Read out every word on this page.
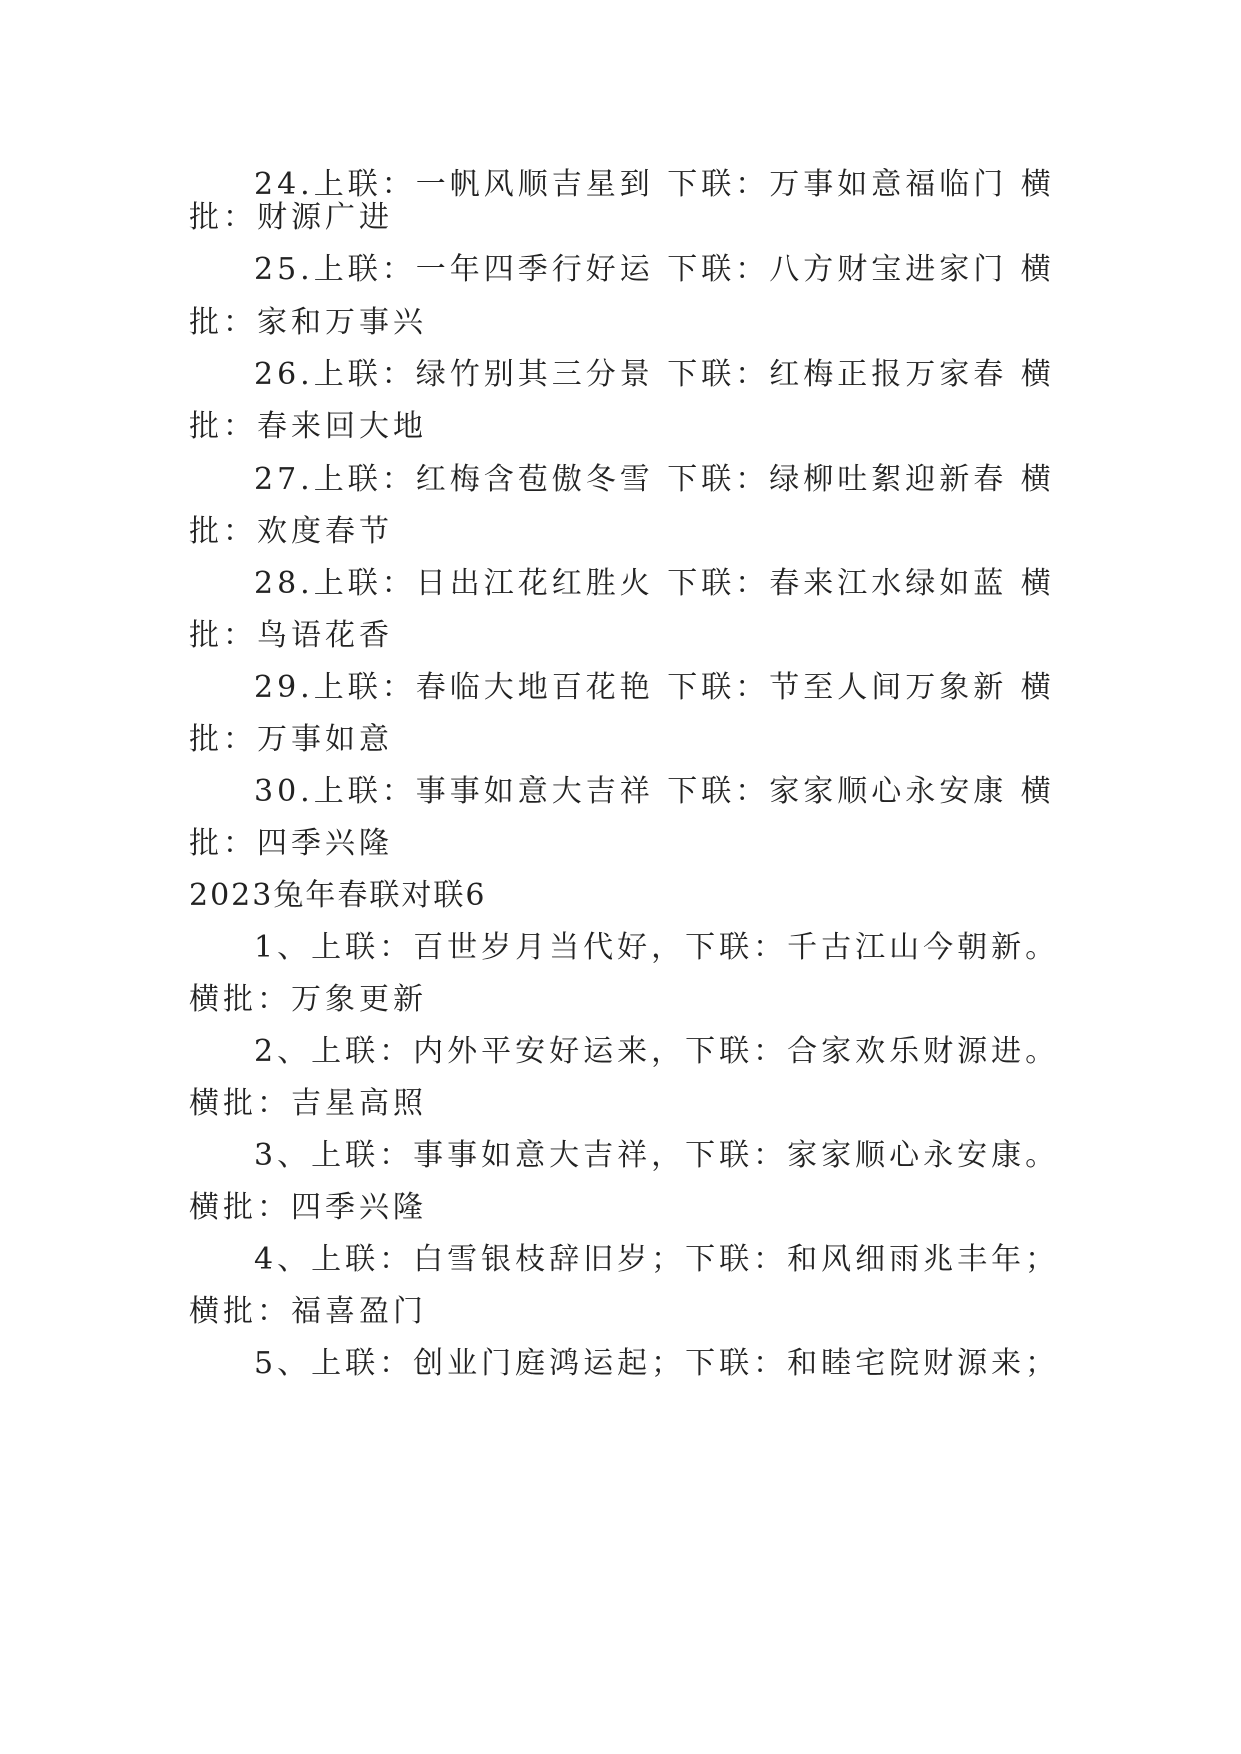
24.上联：一帆风顺吉星到 下联：万事如意福临门 横
批：财源广进
25.上联：一年四季行好运 下联：八方财宝进家门 横
批：家和万事兴
26.上联：绿竹别其三分景 下联：红梅正报万家春 横
批：春来回大地
27.上联：红梅含苞傲冬雪 下联：绿柳吐絮迎新春 横
批：欢度春节
28.上联：日出江花红胜火 下联：春来江水绿如蓝 横
批：鸟语花香
29.上联：春临大地百花艳 下联：节至人间万象新 横
批：万事如意
30.上联：事事如意大吉祥 下联：家家顺心永安康 横
批：四季兴隆
2023兔年春联对联6
1、上联：百世岁月当代好，下联：千古江山今朝新。
横批：万象更新
2、上联：内外平安好运来，下联：合家欢乐财源进。
横批：吉星高照
3、上联：事事如意大吉祥，下联：家家顺心永安康。
横批：四季兴隆
4、上联：白雪银枝辞旧岁；下联：和风细雨兆丰年；
横批：福喜盈门
5、上联：创业门庭鸿运起；下联：和睦宅院财源来；
